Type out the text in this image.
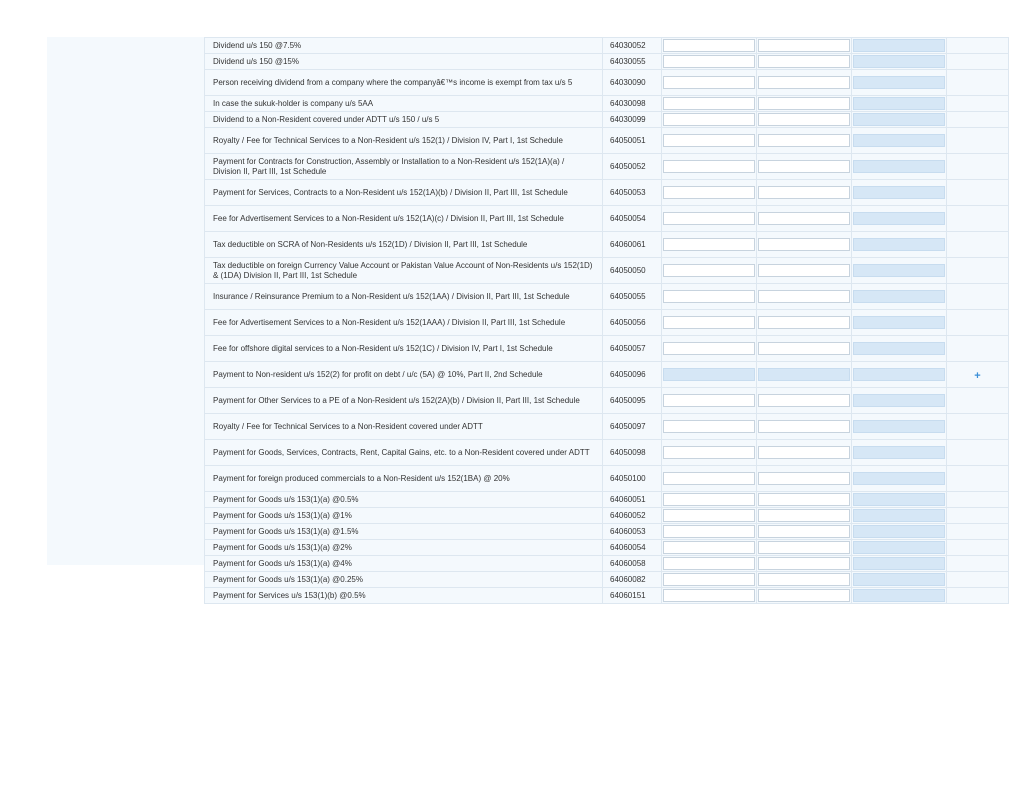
Dividend u/s 150 @7.5%	64030052	

Dividend u/s 150 @15%	64030055	

Person receiving dividend from a company where the companyâ€™s income is exempt from tax u/s 5	64030090	

In case the sukuk-holder is company u/s 5AA	64030098	

Dividend to a Non-Resident covered under ADTT u/s 150 / u/s 5	64030099	

Royalty / Fee for Technical Services to a Non-Resident u/s 152(1) / Division IV, Part I, 1st Schedule	64050051	

Payment for Contracts for Construction, Assembly or Installation to a Non-Resident u/s 152(1A)(a) / Division II, Part III, 1st Schedule	64050052	

Payment for Services, Contracts to a Non-Resident u/s 152(1A)(b) / Division II, Part III, 1st Schedule	64050053	

Fee for Advertisement Services to a Non-Resident u/s 152(1A)(c) / Division II, Part III, 1st Schedule	64050054	

Tax deductible on SCRA of Non-Residents u/s 152(1D) / Division II, Part III, 1st Schedule	64060061	

Tax deductible on foreign Currency Value Account or Pakistan Value Account of Non-Residents u/s 152(1D) & (1DA) Division II, Part III, 1st Schedule	64050050	

Insurance / Reinsurance Premium to a Non-Resident u/s 152(1AA) / Division II, Part III, 1st Schedule	64050055	

Fee for Advertisement Services to a Non-Resident u/s 152(1AAA) / Division II, Part III, 1st Schedule	64050056	

Fee for offshore digital services to a Non-Resident u/s 152(1C) / Division IV, Part I, 1st Schedule	64050057	

Payment to Non-resident u/s 152(2) for profit on debt / u/c (5A) @ 10%, Part II, 2nd Schedule	64050096				+
Payment for Other Services to a PE of a Non-Resident u/s 152(2A)(b) / Division II, Part III, 1st Schedule	64050095	

Royalty / Fee for Technical Services to a Non-Resident covered under ADTT	64050097	

Payment for Goods, Services, Contracts, Rent, Capital Gains, etc. to a Non-Resident covered under ADTT	64050098	

Payment for foreign produced commercials to a Non-Resident u/s 152(1BA) @ 20%	64050100	

Payment for Goods u/s 153(1)(a) @0.5%	64060051	

Payment for Goods u/s 153(1)(a) @1%	64060052	

Payment for Goods u/s 153(1)(a) @1.5%	64060053	

Payment for Goods u/s 153(1)(a) @2%	64060054	

Payment for Goods u/s 153(1)(a) @4%	64060058	

Payment for Goods u/s 153(1)(a) @0.25%	64060082	

Payment for Services u/s 153(1)(b) @0.5%	64060151	
